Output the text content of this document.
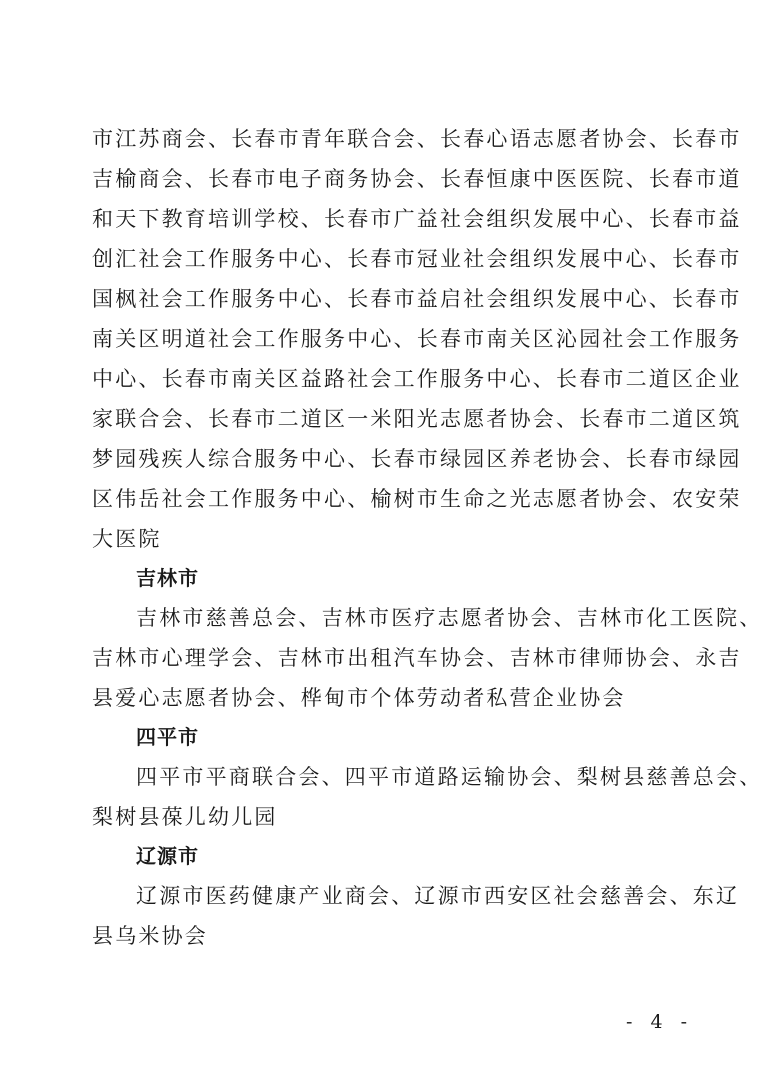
市江苏商会、长春市青年联合会、长春心语志愿者协会、长春市
吉榆商会、长春市电子商务协会、长春恒康中医医院、长春市道
和天下教育培训学校、长春市广益社会组织发展中心、长春市益
创汇社会工作服务中心、长春市冠业社会组织发展中心、长春市
国枫社会工作服务中心、长春市益启社会组织发展中心、长春市
南关区明道社会工作服务中心、长春市南关区沁园社会工作服务
中心、长春市南关区益路社会工作服务中心、长春市二道区企业
家联合会、长春市二道区一米阳光志愿者协会、长春市二道区筑
梦园残疾人综合服务中心、长春市绿园区养老协会、长春市绿园
区伟岳社会工作服务中心、榆树市生命之光志愿者协会、农安荣
大医院
吉林市
吉林市慈善总会、吉林市医疗志愿者协会、吉林市化工医院、
吉林市心理学会、吉林市出租汽车协会、吉林市律师协会、永吉
县爱心志愿者协会、桦甸市个体劳动者私营企业协会
四平市
四平市平商联合会、四平市道路运输协会、梨树县慈善总会、
梨树县葆儿幼儿园
辽源市
辽源市医药健康产业商会、辽源市西安区社会慈善会、东辽
县乌米协会
- 4 -
